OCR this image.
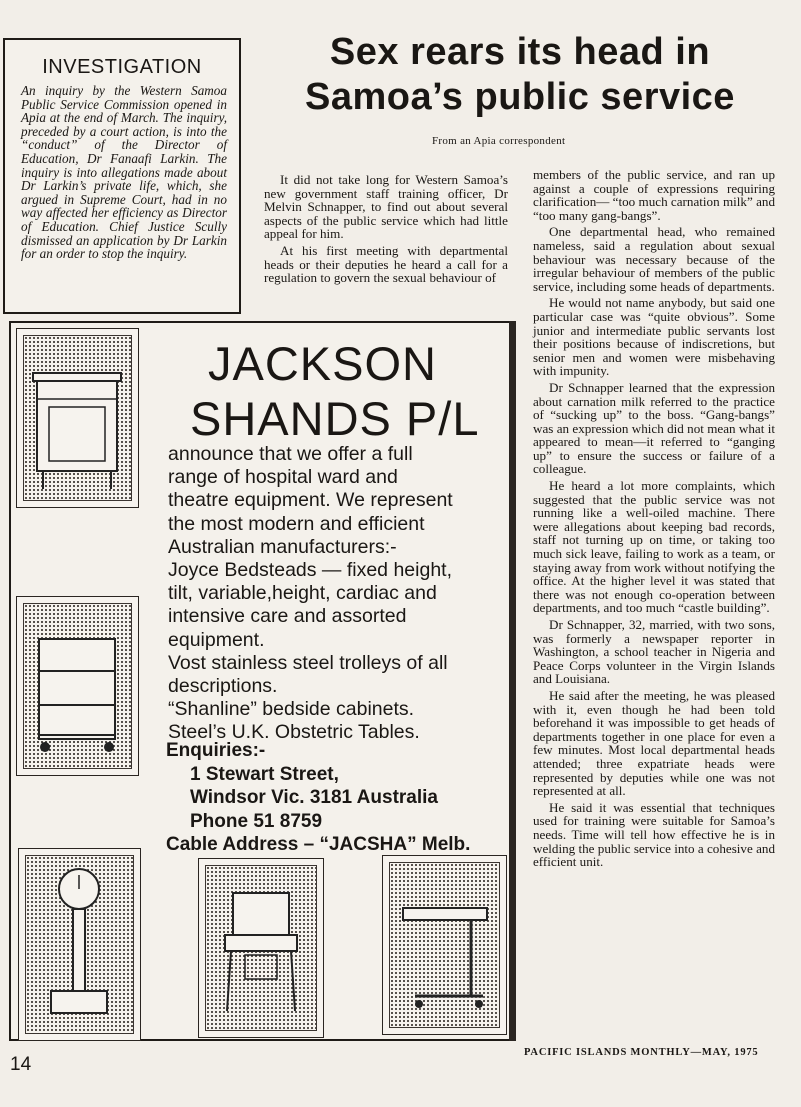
INVESTIGATION
An inquiry by the Western Samoa Public Service Commission opened in Apia at the end of March. The inquiry, preceded by a court action, is into the “conduct” of the Director of Education, Dr Fanaafi Larkin. The inquiry is into allegations made about Dr Larkin’s private life, which, she argued in Supreme Court, had in no way affected her efficiency as Director of Education. Chief Justice Scully dismissed an application by Dr Larkin for an order to stop the inquiry.
Sex rears its head in
Samoa’s public service
From an Apia correspondent

It did not take long for Western Samoa’s new government staff training officer, Dr Melvin Schnapper, to find out about several aspects of the public service which had little appeal for him.

At his first meeting with departmental heads or their deputies he heard a call for a regulation to govern the sexual behaviour of

members of the public service, and ran up against a couple of expressions requiring clarification— “too much carnation milk” and “too many gang-bangs”.

One departmental head, who remained nameless, said a regulation about sexual behaviour was necessary because of the irregular behaviour of members of the public service, including some heads of departments.

He would not name anybody, but said one particular case was “quite obvious”. Some junior and intermediate public servants lost their positions because of indiscretions, but senior men and women were misbehaving with impunity.

Dr Schnapper learned that the expression about carnation milk referred to the practice of “sucking up” to the boss. “Gang-bangs” was an expression which did not mean what it appeared to mean—it referred to “ganging up” to ensure the success or failure of a colleague.

He heard a lot more complaints, which suggested that the public service was not running like a well-oiled machine. There were allegations about keeping bad records, staff not turning up on time, or taking too much sick leave, failing to work as a team, or staying away from work without notifying the office. At the higher level it was stated that there was not enough co-operation between departments, and too much “castle building”.

Dr Schnapper, 32, married, with two sons, was formerly a newspaper reporter in Washington, a school teacher in Nigeria and Peace Corps volunteer in the Virgin Islands and Louisiana.

He said after the meeting, he was pleased with it, even though he had been told beforehand it was impossible to get heads of departments together in one place for even a few minutes. Most local departmental heads attended; three expatriate heads were represented by deputies while one was not represented at all.

He said it was essential that techniques used for training were suitable for Samoa’s needs. Time will tell how effective he is in welding the public service into a cohesive and efficient unit.

JACKSON
SHANDS P/L
announce that we offer a full
range of hospital ward and
theatre equipment. We represent
the most modern and efficient
Australian manufacturers:-
Joyce Bedsteads — fixed height,
tilt, variable,height, cardiac and
intensive care and assorted
equipment.
Vost stainless steel trolleys of all
descriptions.
“Shanline” bedside cabinets.
Steel’s U.K. Obstetric Tables.
Enquiries:-
1 Stewart Street,
Windsor Vic. 3181 Australia
Phone 51 8759
Cable Address – “JACSHA” Melb.
14
PACIFIC ISLANDS MONTHLY—MAY, 1975
